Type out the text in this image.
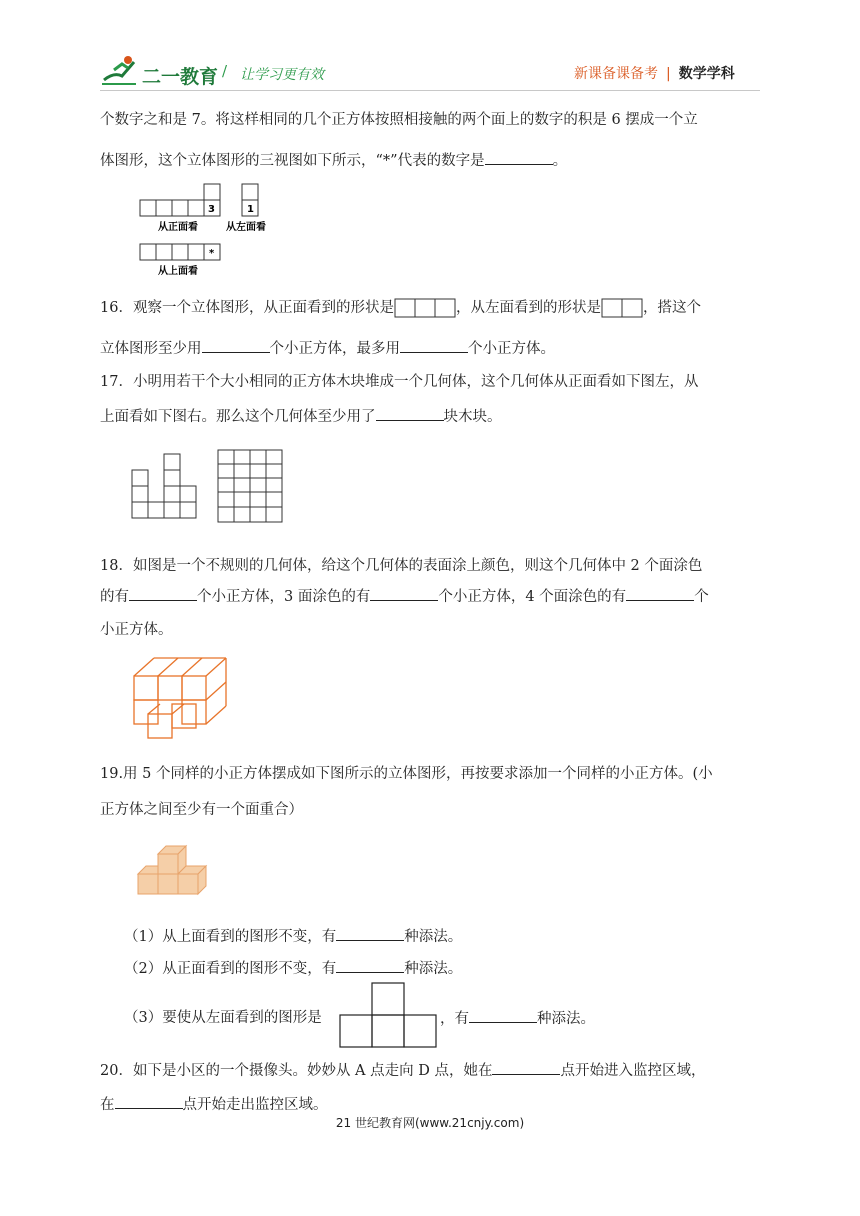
二一教育 / 让学习更有效	新课备课备考 | 数学学科
个数字之和是 7。将这样相同的几个正方体按照相接触的两个面上的数字的积是 6 摆成一个立
体图形，这个立体图形的三视图如下所示，“*”代表的数字是	。
3	1
*
从正面看	从左面看
从上面看
16．观察一个立体图形，从正面看到的形状是	，从左面看到的形状是	，搭这个
立体图形至少用	个小正方体，最多用	个小正方体。
17．小明用若干个大小相同的正方体木块堆成一个几何体，这个几何体从正面看如下图左，从
上面看如下图右。那么这个几何体至少用了	块木块。
18．如图是一个不规则的几何体，给这个几何体的表面涂上颜色，则这个几何体中 2 个面涂色
的有	个小正方体，3 面涂色的有	个小正方体，4 个面涂色的有	个
小正方体。
19.用 5 个同样的小正方体摆成如下图所示的立体图形，再按要求添加一个同样的小正方体。(小
正方体之间至少有一个面重合）
（1）从上面看到的图形不变，有	种添法。
（2）从正面看到的图形不变，有	种添法。
（3）要使从左面看到的图形是	，有	种添法。
20．如下是小区的一个摄像头。妙妙从 A 点走向 D 点，她在	点开始进入监控区域，
在	点开始走出监控区域。
21 世纪教育网(www.21cnjy.com)
